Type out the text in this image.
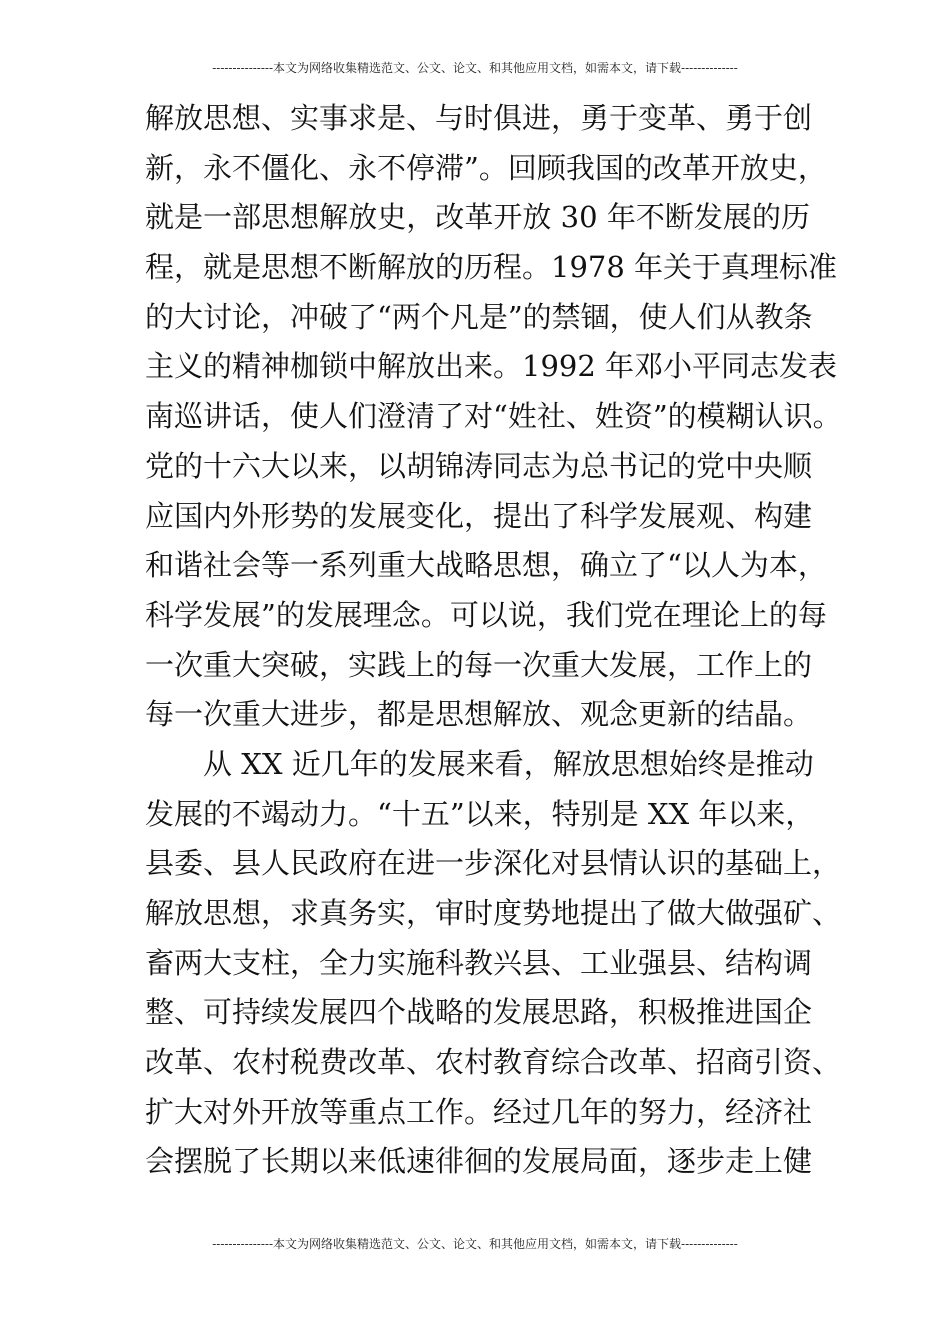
---------------本文为网络收集精选范文、公文、论文、和其他应用文档，如需本文，请下载--------------
解放思想、实事求是、与时俱进，勇于变革、勇于创
新，永不僵化、永不停滞”。回顾我国的改革开放史，
就是一部思想解放史，改革开放 30 年不断发展的历
程，就是思想不断解放的历程。1978 年关于真理标准
的大讨论，冲破了“两个凡是”的禁锢，使人们从教条
主义的精神枷锁中解放出来。1992 年邓小平同志发表
南巡讲话，使人们澄清了对“姓社、姓资”的模糊认识。
党的十六大以来，以胡锦涛同志为总书记的党中央顺
应国内外形势的发展变化，提出了科学发展观、构建
和谐社会等一系列重大战略思想，确立了“以人为本，
科学发展”的发展理念。可以说，我们党在理论上的每
一次重大突破，实践上的每一次重大发展，工作上的
每一次重大进步，都是思想解放、观念更新的结晶。
从 XX 近几年的发展来看，解放思想始终是推动
发展的不竭动力。“十五”以来，特别是 XX 年以来，
县委、县人民政府在进一步深化对县情认识的基础上，
解放思想，求真务实，审时度势地提出了做大做强矿、
畜两大支柱，全力实施科教兴县、工业强县、结构调
整、可持续发展四个战略的发展思路，积极推进国企
改革、农村税费改革、农村教育综合改革、招商引资、
扩大对外开放等重点工作。经过几年的努力，经济社
会摆脱了长期以来低速徘徊的发展局面，逐步走上健
---------------本文为网络收集精选范文、公文、论文、和其他应用文档，如需本文，请下载--------------
